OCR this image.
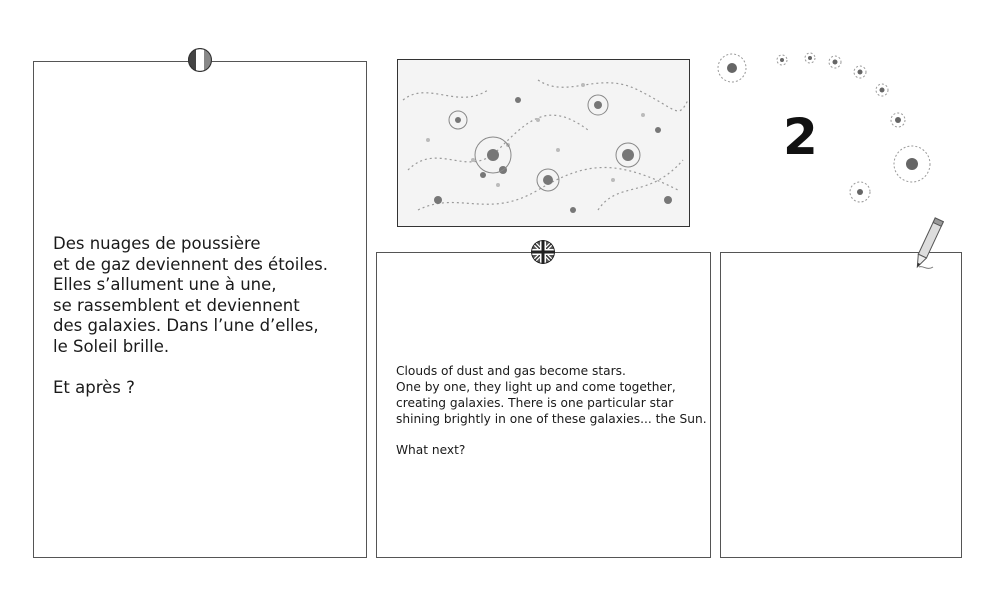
Des nuages de poussière

et de gaz deviennent des étoiles.

Elles s’allument une à une,

se rassemblent et deviennent

des galaxies. Dans l’une d’elles,

le Soleil brille.

Et après ?

2

Clouds of dust and gas become stars.

One by one, they light up and come together,

creating galaxies. There is one particular star

shining brightly in one of these galaxies... the Sun.

What next?
